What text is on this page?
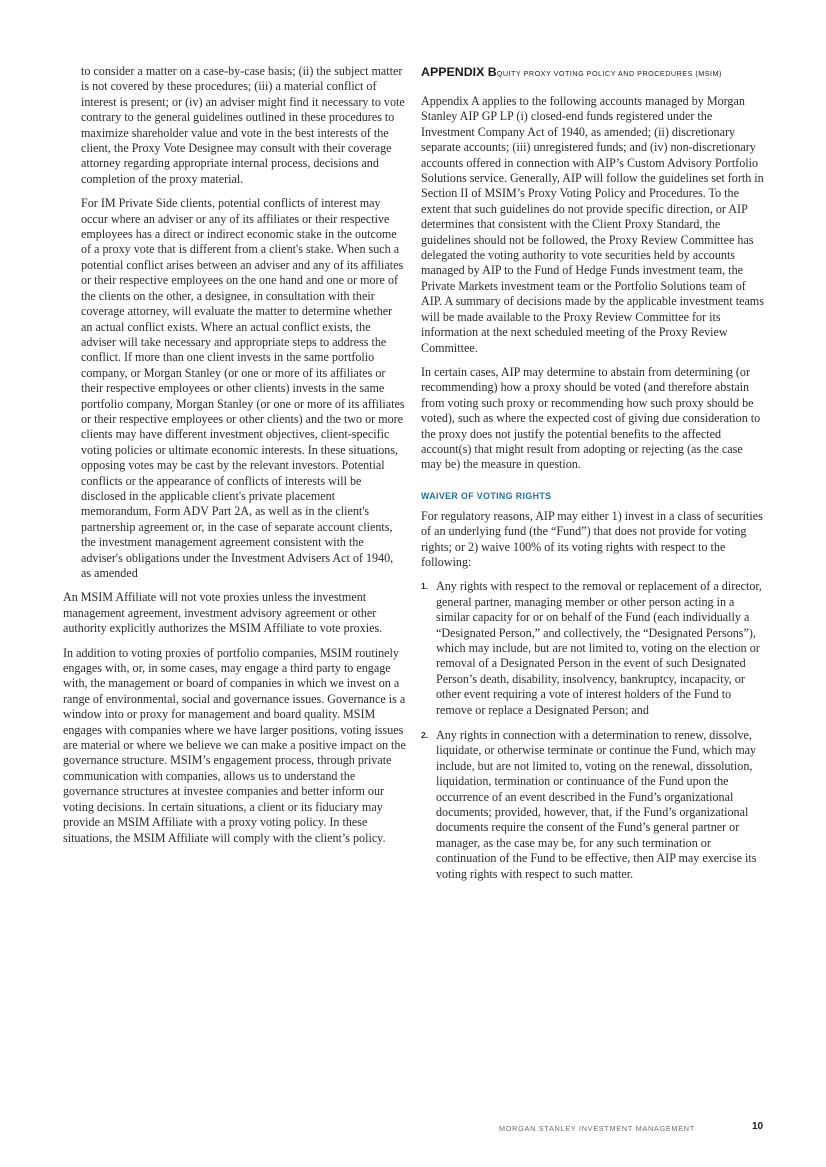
to consider a matter on a case-by-case basis; (ii) the subject matter is not covered by these procedures; (iii) a material conflict of interest is present; or (iv) an adviser might find it necessary to vote contrary to the general guidelines outlined in these procedures to maximize shareholder value and vote in the best interests of the client, the Proxy Vote Designee may consult with their coverage attorney regarding appropriate internal process, decisions and completion of the proxy material.

For IM Private Side clients, potential conflicts of interest may occur where an adviser or any of its affiliates or their respective employees has a direct or indirect economic stake in the outcome of a proxy vote that is different from a client's stake. When such a potential conflict arises between an adviser and any of its affiliates or their respective employees on the one hand and one or more of the clients on the other, a designee, in consultation with their coverage attorney, will evaluate the matter to determine whether an actual conflict exists. Where an actual conflict exists, the adviser will take necessary and appropriate steps to address the conflict. If more than one client invests in the same portfolio company, or Morgan Stanley (or one or more of its affiliates or their respective employees or other clients) invests in the same portfolio company, Morgan Stanley (or one or more of its affiliates or their respective employees or other clients) and the two or more clients may have different investment objectives, client-specific voting policies or ultimate economic interests. In these situations, opposing votes may be cast by the relevant investors. Potential conflicts or the appearance of conflicts of interests will be disclosed in the applicable client's private placement memorandum, Form ADV Part 2A, as well as in the client's partnership agreement or, in the case of separate account clients, the investment management agreement consistent with the adviser's obligations under the Investment Advisers Act of 1940, as amended

An MSIM Affiliate will not vote proxies unless the investment management agreement, investment advisory agreement or other authority explicitly authorizes the MSIM Affiliate to vote proxies.

In addition to voting proxies of portfolio companies, MSIM routinely engages with, or, in some cases, may engage a third party to engage with, the management or board of companies in which we invest on a range of environmental, social and governance issues. Governance is a window into or proxy for management and board quality. MSIM engages with companies where we have larger positions, voting issues are material or where we believe we can make a positive impact on the governance structure. MSIM’s engagement process, through private communication with companies, allows us to understand the governance structures at investee companies and better inform our voting decisions. In certain situations, a client or its fiduciary may provide an MSIM Affiliate with a proxy voting policy. In these situations, the MSIM Affiliate will comply with the client’s policy.

APPENDIX BQUITY PROXY VOTING POLICY AND PROCEDURES (MSIM)

Appendix A applies to the following accounts managed by Morgan Stanley AIP GP LP (i) closed-end funds registered under the Investment Company Act of 1940, as amended; (ii) discretionary separate accounts; (iii) unregistered funds; and (iv) non-discretionary accounts offered in connection with AIP’s Custom Advisory Portfolio Solutions service. Generally, AIP will follow the guidelines set forth in Section II of MSIM’s Proxy Voting Policy and Procedures. To the extent that such guidelines do not provide specific direction, or AIP determines that consistent with the Client Proxy Standard, the guidelines should not be followed, the Proxy Review Committee has delegated the voting authority to vote securities held by accounts managed by AIP to the Fund of Hedge Funds investment team, the Private Markets investment team or the Portfolio Solutions team of AIP. A summary of decisions made by the applicable investment teams will be made available to the Proxy Review Committee for its information at the next scheduled meeting of the Proxy Review Committee.

In certain cases, AIP may determine to abstain from determining (or recommending) how a proxy should be voted (and therefore abstain from voting such proxy or recommending how such proxy should be voted), such as where the expected cost of giving due consideration to the proxy does not justify the potential benefits to the affected account(s) that might result from adopting or rejecting (as the case may be) the measure in question.

WAIVER OF VOTING RIGHTS

For regulatory reasons, AIP may either 1) invest in a class of securities of an underlying fund (the “Fund”) that does not provide for voting rights; or 2) waive 100% of its voting rights with respect to the following:

1. Any rights with respect to the removal or replacement of a director, general partner, managing member or other person acting in a similar capacity for or on behalf of the Fund (each individually a “Designated Person,” and collectively, the “Designated Persons”), which may include, but are not limited to, voting on the election or removal of a Designated Person in the event of such Designated Person’s death, disability, insolvency, bankruptcy, incapacity, or other event requiring a vote of interest holders of the Fund to remove or replace a Designated Person; and
2. Any rights in connection with a determination to renew, dissolve, liquidate, or otherwise terminate or continue the Fund, which may include, but are not limited to, voting on the renewal, dissolution, liquidation, termination or continuance of the Fund upon the occurrence of an event described in the Fund’s organizational documents; provided, however, that, if the Fund’s organizational documents require the consent of the Fund’s general partner or manager, as the case may be, for any such termination or continuation of the Fund to be effective, then AIP may exercise its voting rights with respect to such matter.
MORGAN STANLEY INVESTMENT MANAGEMENT	10
